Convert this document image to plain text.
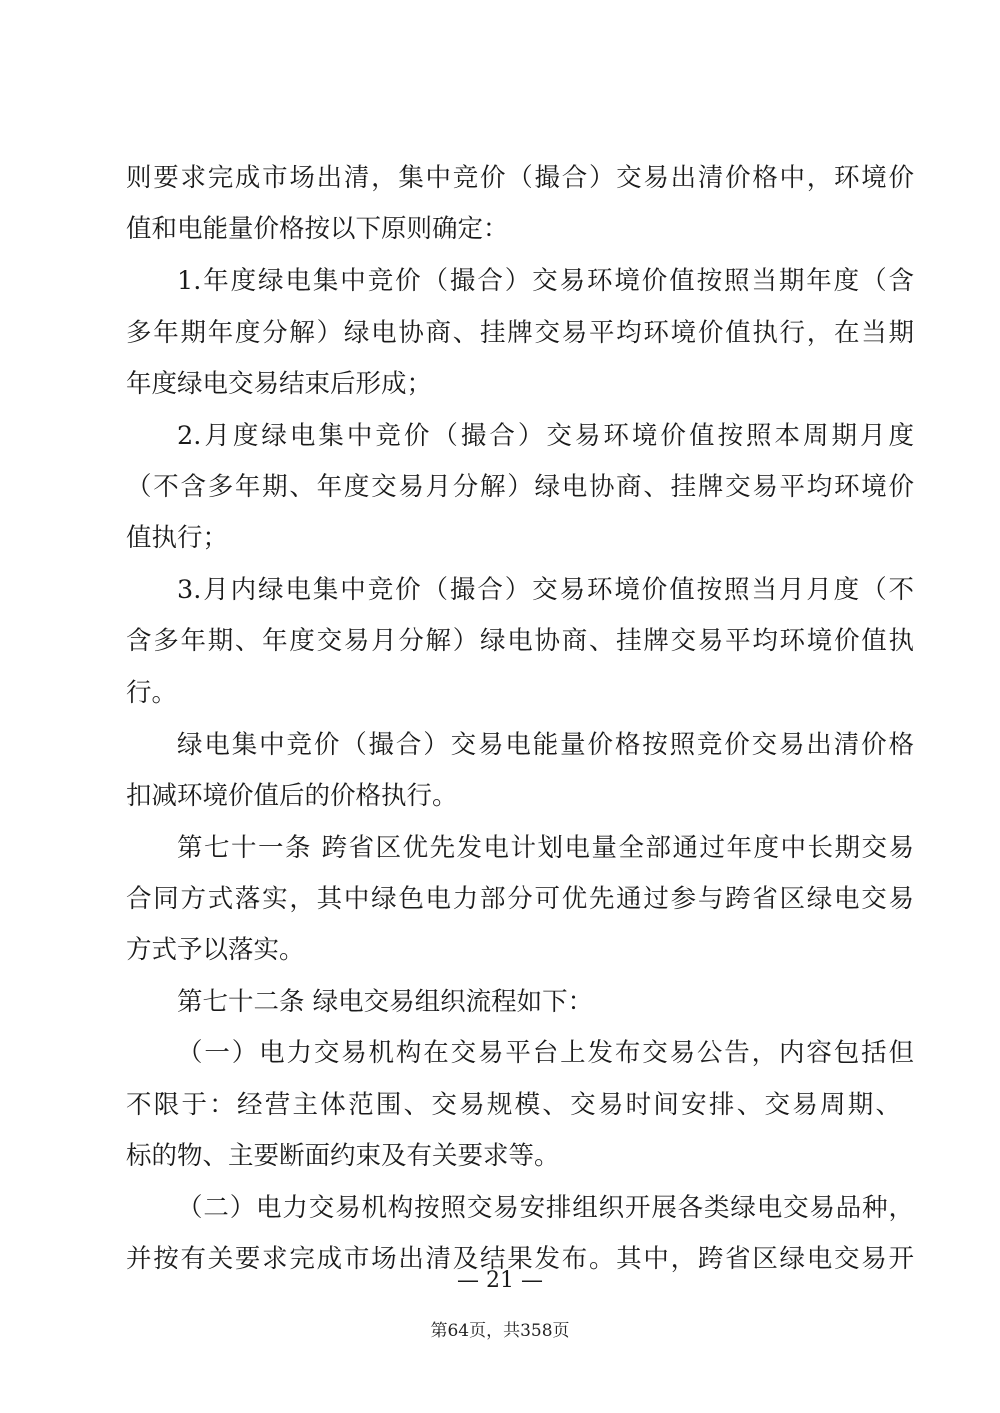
则要求完成市场出清，集中竞价（撮合）交易出清价格中，环境价
值和电能量价格按以下原则确定：
1.年度绿电集中竞价（撮合）交易环境价值按照当期年度（含
多年期年度分解）绿电协商、挂牌交易平均环境价值执行，在当期
年度绿电交易结束后形成；
2.月度绿电集中竞价（撮合）交易环境价值按照本周期月度
（不含多年期、年度交易月分解）绿电协商、挂牌交易平均环境价
值执行；
3.月内绿电集中竞价（撮合）交易环境价值按照当月月度（不
含多年期、年度交易月分解）绿电协商、挂牌交易平均环境价值执
行。
绿电集中竞价（撮合）交易电能量价格按照竞价交易出清价格
扣减环境价值后的价格执行。
第七十一条 跨省区优先发电计划电量全部通过年度中长期交易
合同方式落实，其中绿色电力部分可优先通过参与跨省区绿电交易
方式予以落实。
第七十二条 绿电交易组织流程如下：
（一）电力交易机构在交易平台上发布交易公告，内容包括但
不限于：经营主体范围、交易规模、交易时间安排、交易周期、
标的物、主要断面约束及有关要求等。
（二）电力交易机构按照交易安排组织开展各类绿电交易品种，
并按有关要求完成市场出清及结果发布。其中，跨省区绿电交易开
— 21 —
第64页，共358页
